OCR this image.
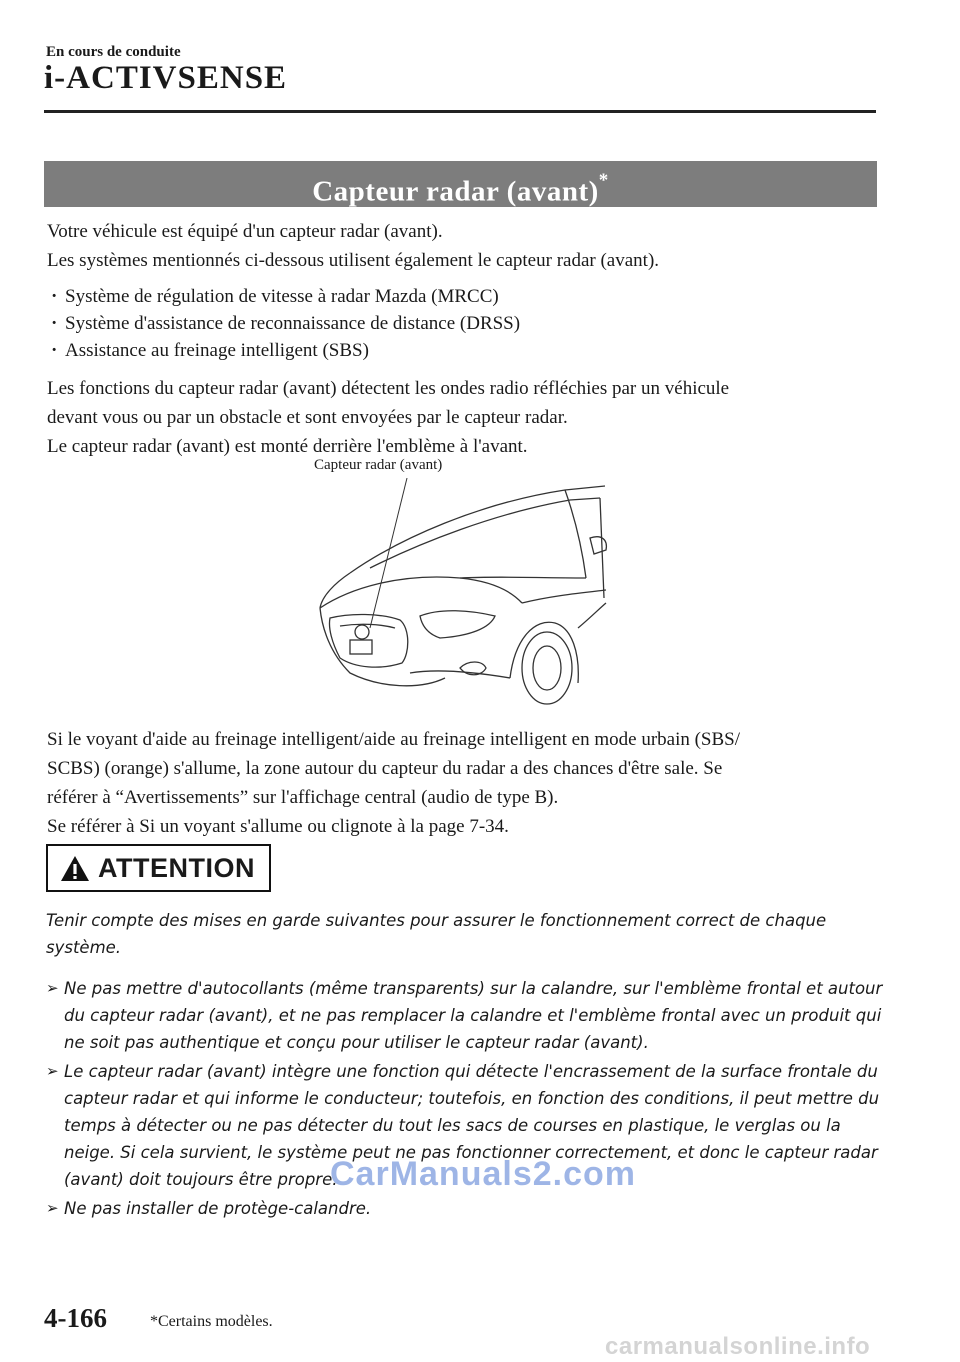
En cours de conduite
i-ACTIVSENSE
Capteur radar (avant)*
Votre véhicule est équipé d'un capteur radar (avant).
Les systèmes mentionnés ci-dessous utilisent également le capteur radar (avant).
· Système de régulation de vitesse à radar Mazda (MRCC)
· Système d'assistance de reconnaissance de distance (DRSS)
· Assistance au freinage intelligent (SBS)
Les fonctions du capteur radar (avant) détectent les ondes radio réfléchies par un véhicule
devant vous ou par un obstacle et sont envoyées par le capteur radar.
Le capteur radar (avant) est monté derrière l'emblème à l'avant.
Capteur radar (avant)
Si le voyant d'aide au freinage intelligent/aide au freinage intelligent en mode urbain (SBS/
SCBS) (orange) s'allume, la zone autour du capteur du radar a des chances d'être sale. Se
référer à “Avertissements” sur l'affichage central (audio de type B).
Se référer à Si un voyant s'allume ou clignote à la page 7-34.
ATTENTION
Tenir compte des mises en garde suivantes pour assurer le fonctionnement correct de chaque système.
➢ Ne pas mettre d'autocollants (même transparents) sur la calandre, sur l'emblème frontal et autour du capteur radar (avant), et ne pas remplacer la calandre et l'emblème frontal avec un produit qui ne soit pas authentique et conçu pour utiliser le capteur radar (avant).
➢ Le capteur radar (avant) intègre une fonction qui détecte l'encrassement de la surface frontale du capteur radar et qui informe le conducteur; toutefois, en fonction des conditions, il peut mettre du temps à détecter ou ne pas détecter du tout les sacs de courses en plastique, le verglas ou la neige. Si cela survient, le système peut ne pas fonctionner correctement, et donc le capteur radar (avant) doit toujours être propre.
➢ Ne pas installer de protège-calandre.
CarManuals2.com
4-166	*Certains modèles.
carmanualsonline.info
